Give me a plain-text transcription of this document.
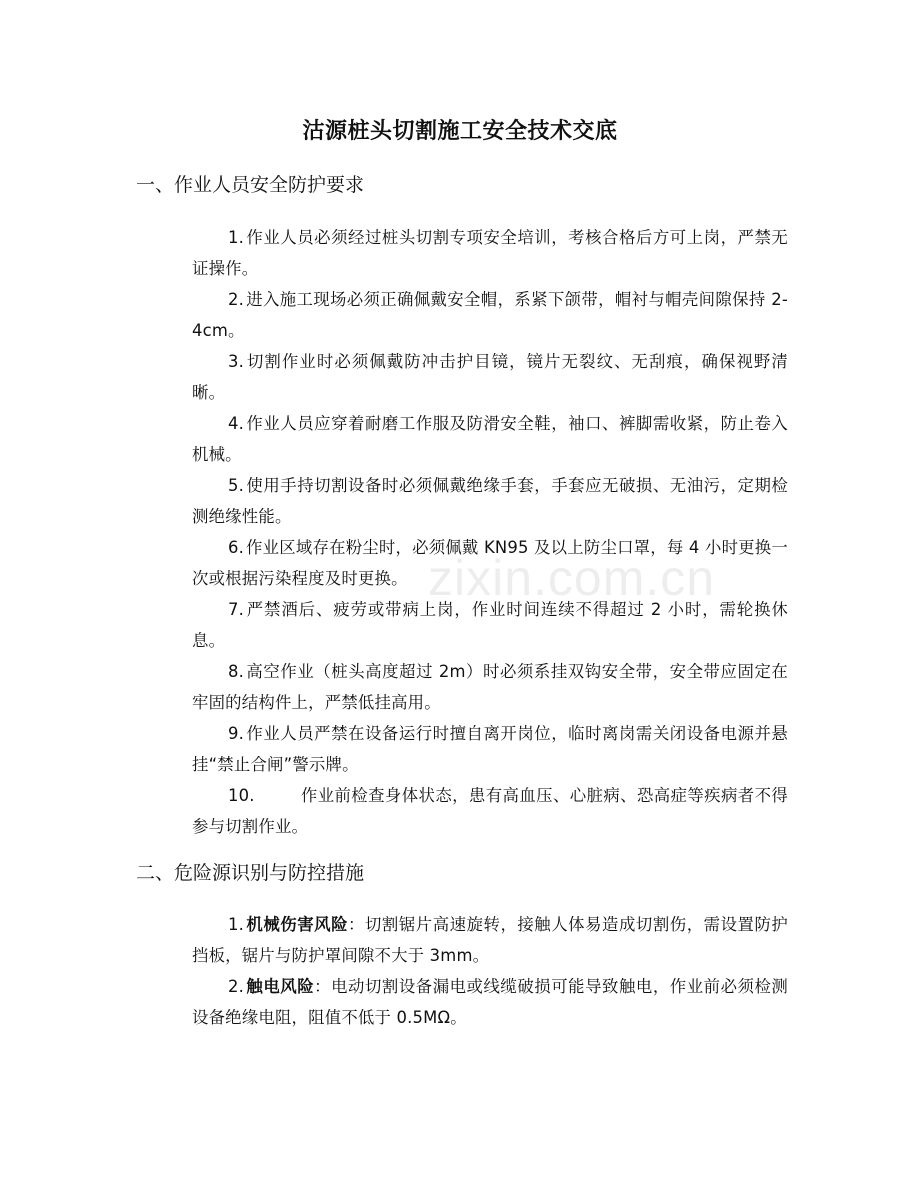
沽源桩头切割施工安全技术交底
一、作业人员安全防护要求

1. 作业人员必须经过桩头切割专项安全培训，考核合格后方可上岗，严禁无证操作。

2. 进入施工现场必须正确佩戴安全帽，系紧下颌带，帽衬与帽壳间隙保持 2-4cm。

3. 切割作业时必须佩戴防冲击护目镜，镜片无裂纹、无刮痕，确保视野清晰。

4. 作业人员应穿着耐磨工作服及防滑安全鞋，袖口、裤脚需收紧，防止卷入机械。

5. 使用手持切割设备时必须佩戴绝缘手套，手套应无破损、无油污，定期检测绝缘性能。

6. 作业区域存在粉尘时，必须佩戴 KN95 及以上防尘口罩，每 4 小时更换一次或根据污染程度及时更换。

7. 严禁酒后、疲劳或带病上岗，作业时间连续不得超过 2 小时，需轮换休息。

8. 高空作业（桩头高度超过 2m）时必须系挂双钩安全带，安全带应固定在牢固的结构件上，严禁低挂高用。

9. 作业人员严禁在设备运行时擅自离开岗位，临时离岗需关闭设备电源并悬挂“禁止合闸”警示牌。

10.	作业前检查身体状态，患有高血压、心脏病、恐高症等疾病者不得参与切割作业。

二、危险源识别与防控措施

1. 机械伤害风险：切割锯片高速旋转，接触人体易造成切割伤，需设置防护挡板，锯片与防护罩间隙不大于 3mm。

2. 触电风险：电动切割设备漏电或线缆破损可能导致触电，作业前必须检测设备绝缘电阻，阻值不低于 0.5MΩ。

zixin.com.cn
